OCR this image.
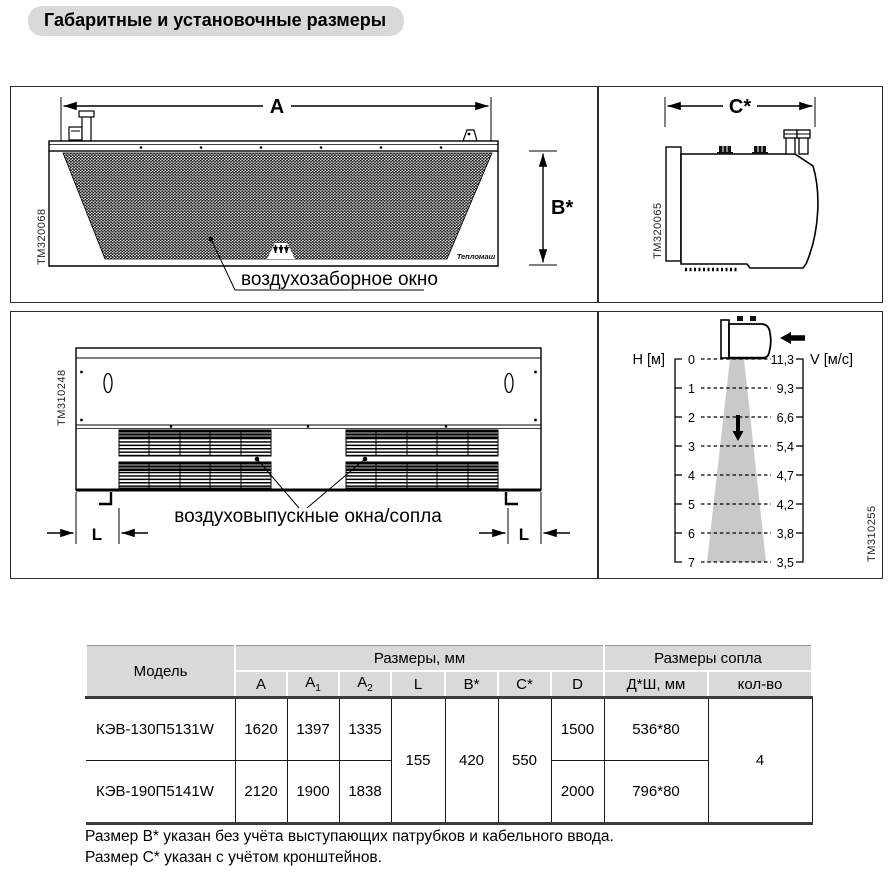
Габаритные и установочные размеры
A
Тепломаш
воздухозаборное окно
B*
TM320068
C*
TM320065
воздуховыпускные окна/сопла
L	L
TM310248
H [м]	V [м/с]
0
1
2
3
4
5
6
7
11,3
9,3
6,6
5,4
4,7
4,2
3,8
3,5
TM310255
Модель	Размеры, мм							Размеры сопла	
	A	$A_1$	$A_2$	L	B*	C*	D	Д*Ш, мм	кол-во
КЭВ-130П5131W	1620	1397	1335	155	420	550	1500	536*80	4
КЭВ-190П5141W	2120	1900	1838				2000	796*80	
Размер B* указан без учёта выступающих патрубков и кабельного ввода.
Размер C* указан с учётом кронштейнов.
